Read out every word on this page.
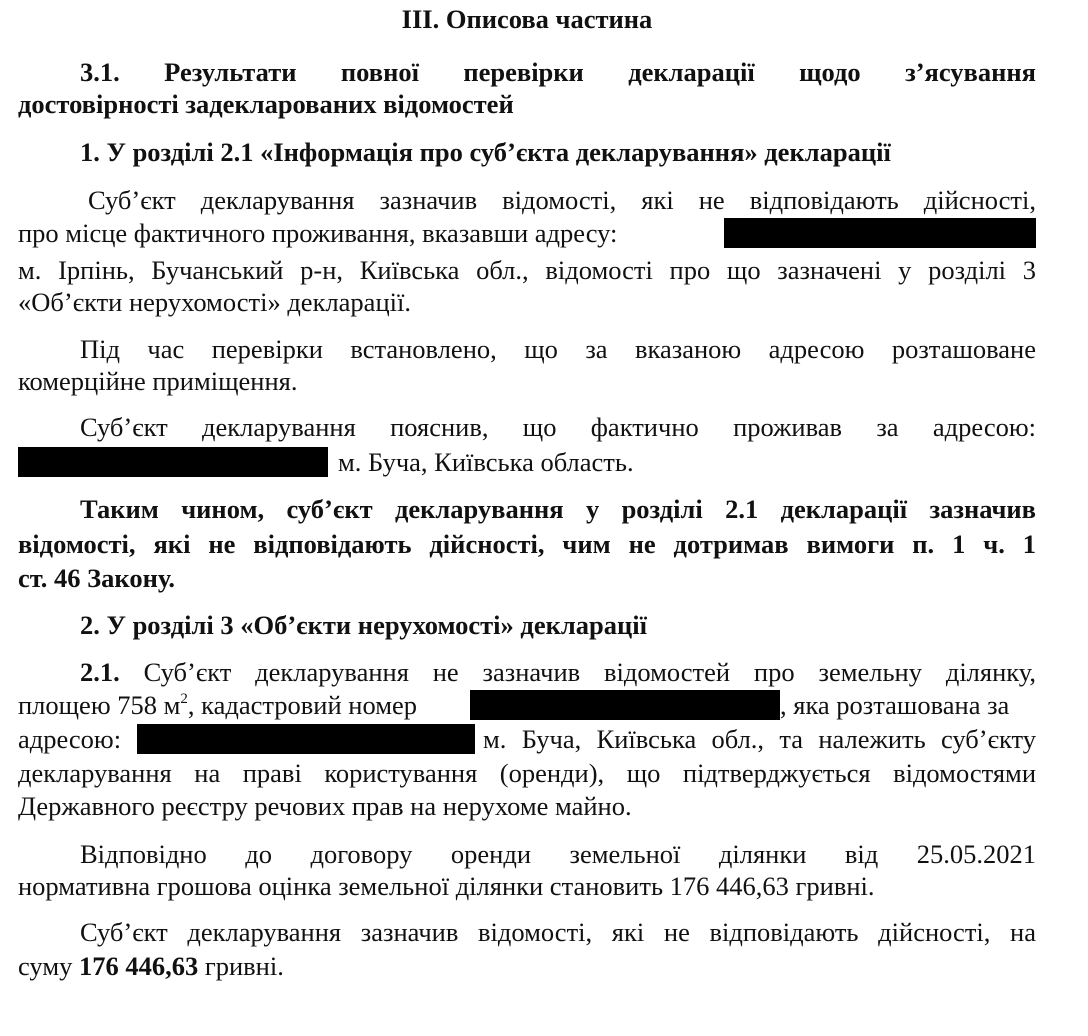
ІІІ. Описова частина
3.1. Результати повної перевірки декларації щодо з’ясування
достовірності задекларованих відомостей
1. У розділі 2.1 «Інформація про суб’єкта декларування» декларації
Суб’єкт декларування зазначив відомості, які не відповідають дійсності,
про місце фактичного проживання, вказавши адресу:
м. Ірпінь, Бучанський р-н, Київська обл., відомості про що зазначені у розділі 3
«Об’єкти нерухомості» декларації.
Під час перевірки встановлено, що за вказаною адресою розташоване
комерційне приміщення.
Суб’єкт декларування пояснив, що фактично проживав за адресою:
м. Буча, Київська область.
Таким чином, суб’єкт декларування у розділі 2.1 декларації зазначив
відомості, які не відповідають дійсності, чим не дотримав вимоги п. 1 ч. 1
ст. 46 Закону.
2. У розділі 3 «Об’єкти нерухомості» декларації
2.1. Суб’єкт декларування не зазначив відомостей про земельну ділянку,
площею 758 $м^2$, кадастровий номер	, яка розташована за
адресою:	м. Буча, Київська обл., та належить суб’єкту
декларування на праві користування (оренди), що підтверджується відомостями
Державного реєстру речових прав на нерухоме майно.
Відповідно до договору оренди земельної ділянки від 25.05.2021
нормативна грошова оцінка земельної ділянки становить 176 446,63 гривні.
Суб’єкт декларування зазначив відомості, які не відповідають дійсності, на
суму 176 446,63 гривні.
